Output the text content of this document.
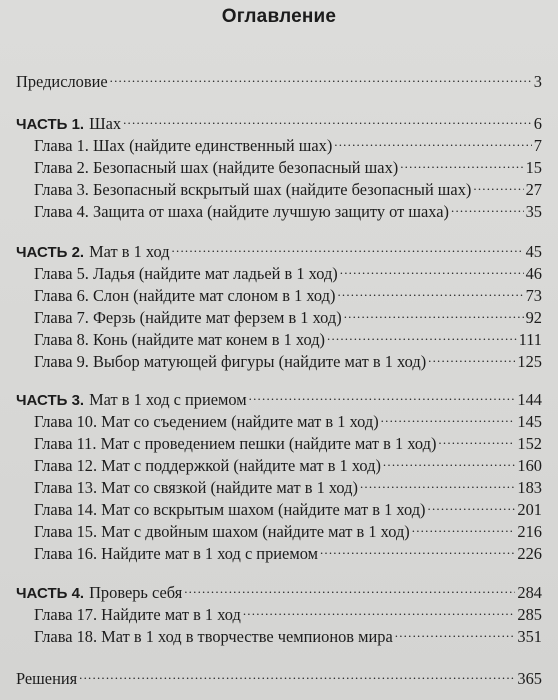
Оглавление
Предисловие .....	3
ЧАСТЬ 1. Шах .....	6
Глава 1. Шах (найдите единственный шах) .....	7
Глава 2. Безопасный шах (найдите безопасный шах) .....	15
Глава 3. Безопасный вскрытый шах (найдите безопасный шах) .....	27
Глава 4. Защита от шаха (найдите лучшую защиту от шаха) .....	35
ЧАСТЬ 2. Мат в 1 ход .....	45
Глава 5. Ладья (найдите мат ладьей в 1 ход) .....	46
Глава 6. Слон (найдите мат слоном в 1 ход) .....	73
Глава 7. Ферзь (найдите мат ферзем в 1 ход) .....	92
Глава 8. Конь (найдите мат конем в 1 ход) .....	111
Глава 9. Выбор матующей фигуры (найдите мат в 1 ход) .....	125
ЧАСТЬ 3. Мат в 1 ход с приемом .....	144
Глава 10. Мат со съедением (найдите мат в 1 ход) .....	145
Глава 11. Мат с проведением пешки (найдите мат в 1 ход) .....	152
Глава 12. Мат с поддержкой (найдите мат в 1 ход) .....	160
Глава 13. Мат со связкой (найдите мат в 1 ход) .....	183
Глава 14. Мат со вскрытым шахом (найдите мат в 1 ход) .....	201
Глава 15. Мат с двойным шахом (найдите мат в 1 ход) .....	216
Глава 16. Найдите мат в 1 ход с приемом .....	226
ЧАСТЬ 4. Проверь себя .....	284
Глава 17. Найдите мат в 1 ход .....	285
Глава 18. Мат в 1 ход в творчестве чемпионов мира .....	351
Решения .....	365
